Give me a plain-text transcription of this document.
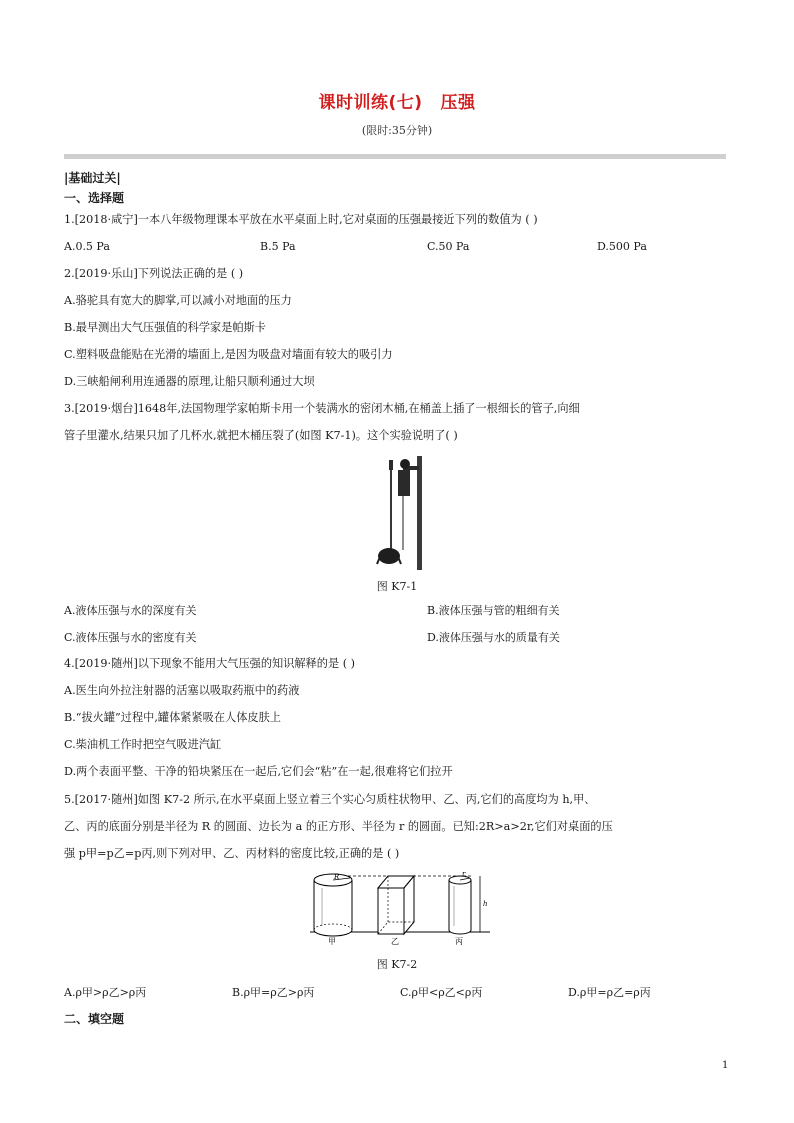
课时训练(七) 压强
(限时:35分钟)
|基础过关|
一、选择题
1.[2018·咸宁]一本八年级物理课本平放在水平桌面上时,它对桌面的压强最接近下列的数值为 ( )
A.0.5 Pa	B.5 Pa	C.50 Pa	D.500 Pa
2.[2019·乐山]下列说法正确的是 ( )
A.骆驼具有宽大的脚掌,可以减小对地面的压力
B.最早测出大气压强值的科学家是帕斯卡
C.塑料吸盘能贴在光滑的墙面上,是因为吸盘对墙面有较大的吸引力
D.三峡船闸利用连通器的原理,让船只顺利通过大坝
3.[2019·烟台]1648年,法国物理学家帕斯卡用一个装满水的密闭木桶,在桶盖上插了一根细长的管子,向细
管子里灌水,结果只加了几杯水,就把木桶压裂了(如图 K7-1)。这个实验说明了( )
图 K7-1
A.液体压强与水的深度有关	B.液体压强与管的粗细有关
C.液体压强与水的密度有关	D.液体压强与水的质量有关
4.[2019·随州]以下现象不能用大气压强的知识解释的是 ( )
A.医生向外拉注射器的活塞以吸取药瓶中的药液
B.“拔火罐”过程中,罐体紧紧吸在人体皮肤上
C.柴油机工作时把空气吸进汽缸
D.两个表面平整、干净的铅块紧压在一起后,它们会“粘”在一起,很难将它们拉开
5.[2017·随州]如图 K7-2 所示,在水平桌面上竖立着三个实心匀质柱状物甲、乙、丙,它们的高度均为 h,甲、
乙、丙的底面分别是半径为 R 的圆面、边长为 a 的正方形、半径为 r 的圆面。已知:2R>a>2r,它们对桌面的压
强 p甲=p乙=p丙,则下列对甲、乙、丙材料的密度比较,正确的是 ( )
R	r
h
甲	乙	丙
图 K7-2
A.ρ甲>ρ乙>ρ丙	B.ρ甲=ρ乙>ρ丙	C.ρ甲<ρ乙<ρ丙	D.ρ甲=ρ乙=ρ丙
二、填空题
1
